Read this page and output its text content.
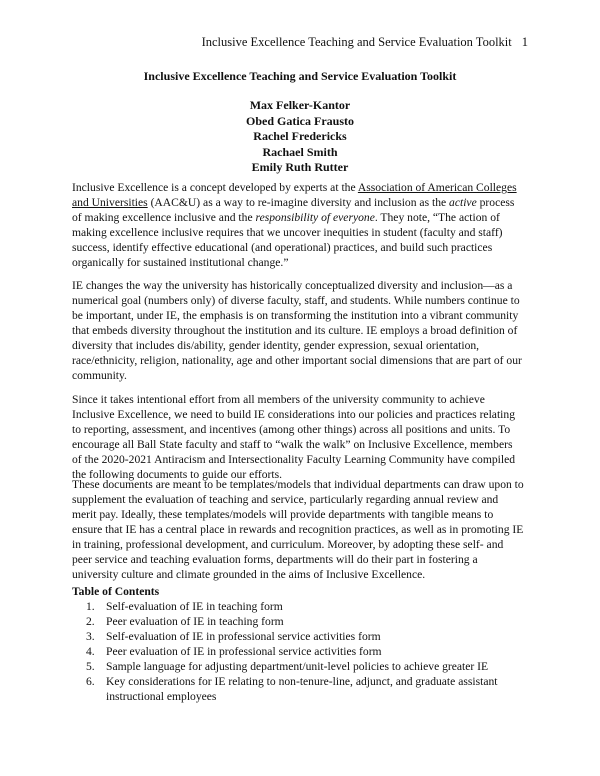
Inclusive Excellence Teaching and Service Evaluation Toolkit 1
Inclusive Excellence Teaching and Service Evaluation Toolkit
Max Felker-Kantor
Obed Gatica Frausto
Rachel Fredericks
Rachael Smith
Emily Ruth Rutter

Inclusive Excellence is a concept developed by experts at the Association of American Colleges
and Universities (AAC&U) as a way to re-imagine diversity and inclusion as the active process
of making excellence inclusive and the responsibility of everyone. They note, “The action of
making excellence inclusive requires that we uncover inequities in student (faculty and staff)
success, identify effective educational (and operational) practices, and build such practices
organically for sustained institutional change.”

IE changes the way the university has historically conceptualized diversity and inclusion—as a
numerical goal (numbers only) of diverse faculty, staff, and students. While numbers continue to
be important, under IE, the emphasis is on transforming the institution into a vibrant community
that embeds diversity throughout the institution and its culture. IE employs a broad definition of
diversity that includes dis/ability, gender identity, gender expression, sexual orientation,
race/ethnicity, religion, nationality, age and other important social dimensions that are part of our
community.

Since it takes intentional effort from all members of the university community to achieve
Inclusive Excellence, we need to build IE considerations into our policies and practices relating
to reporting, assessment, and incentives (among other things) across all positions and units. To
encourage all Ball State faculty and staff to “walk the walk” on Inclusive Excellence, members
of the 2020-2021 Antiracism and Intersectionality Faculty Learning Community have compiled
the following documents to guide our efforts.

These documents are meant to be templates/models that individual departments can draw upon to
supplement the evaluation of teaching and service, particularly regarding annual review and
merit pay. Ideally, these templates/models will provide departments with tangible means to
ensure that IE has a central place in rewards and recognition practices, as well as in promoting IE
in training, professional development, and curriculum. Moreover, by adopting these self- and
peer service and teaching evaluation forms, departments will do their part in fostering a
university culture and climate grounded in the aims of Inclusive Excellence.

Table of Contents
1. Self-evaluation of IE in teaching form
2. Peer evaluation of IE in teaching form
3. Self-evaluation of IE in professional service activities form
4. Peer evaluation of IE in professional service activities form
5. Sample language for adjusting department/unit-level policies to achieve greater IE
6. Key considerations for IE relating to non-tenure-line, adjunct, and graduate assistant
instructional employees
